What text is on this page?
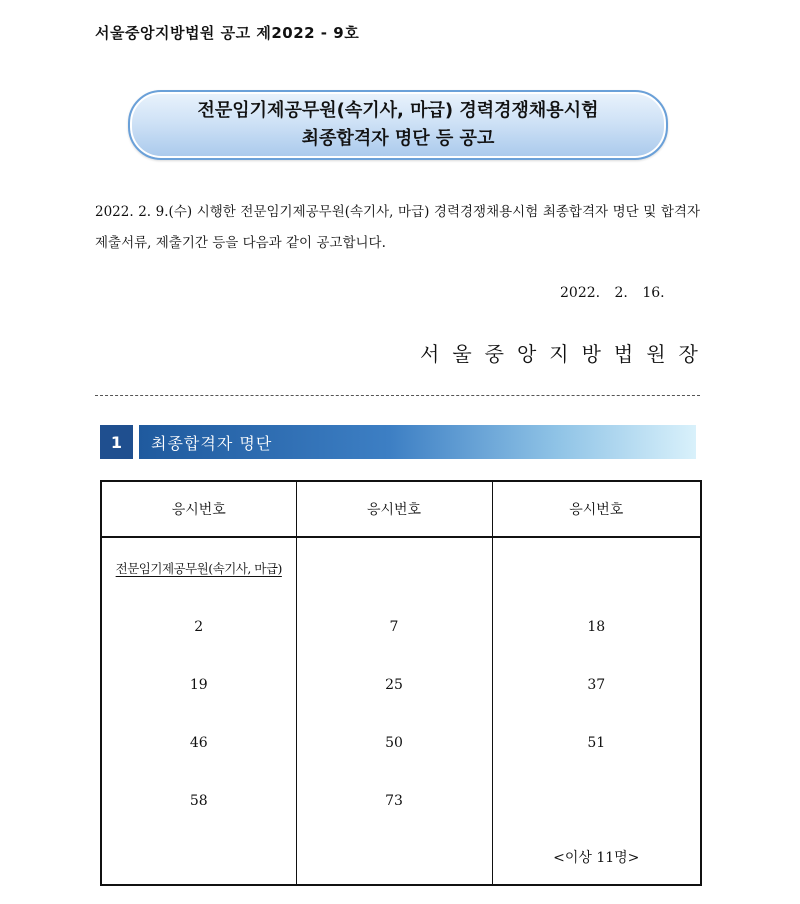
서울중앙지방법원 공고 제2022 - 9호
전문임기제공무원(속기사, 마급) 경력경쟁채용시험
최종합격자 명단 등 공고
2022. 2. 9.(수) 시행한 전문임기제공무원(속기사, 마급) 경력경쟁채용시험 최종합격자 명단 및 합격자 제출서류, 제출기간 등을 다음과 같이 공고합니다.
2022. 2. 16.
서울중앙지방법원장
1	최종합격자 명단
응시번호	응시번호	응시번호
전문임기제공무원(속기사, 마급)		
2	7	18
19	25	37
46	50	51
58	73	
		<이상 11명>
